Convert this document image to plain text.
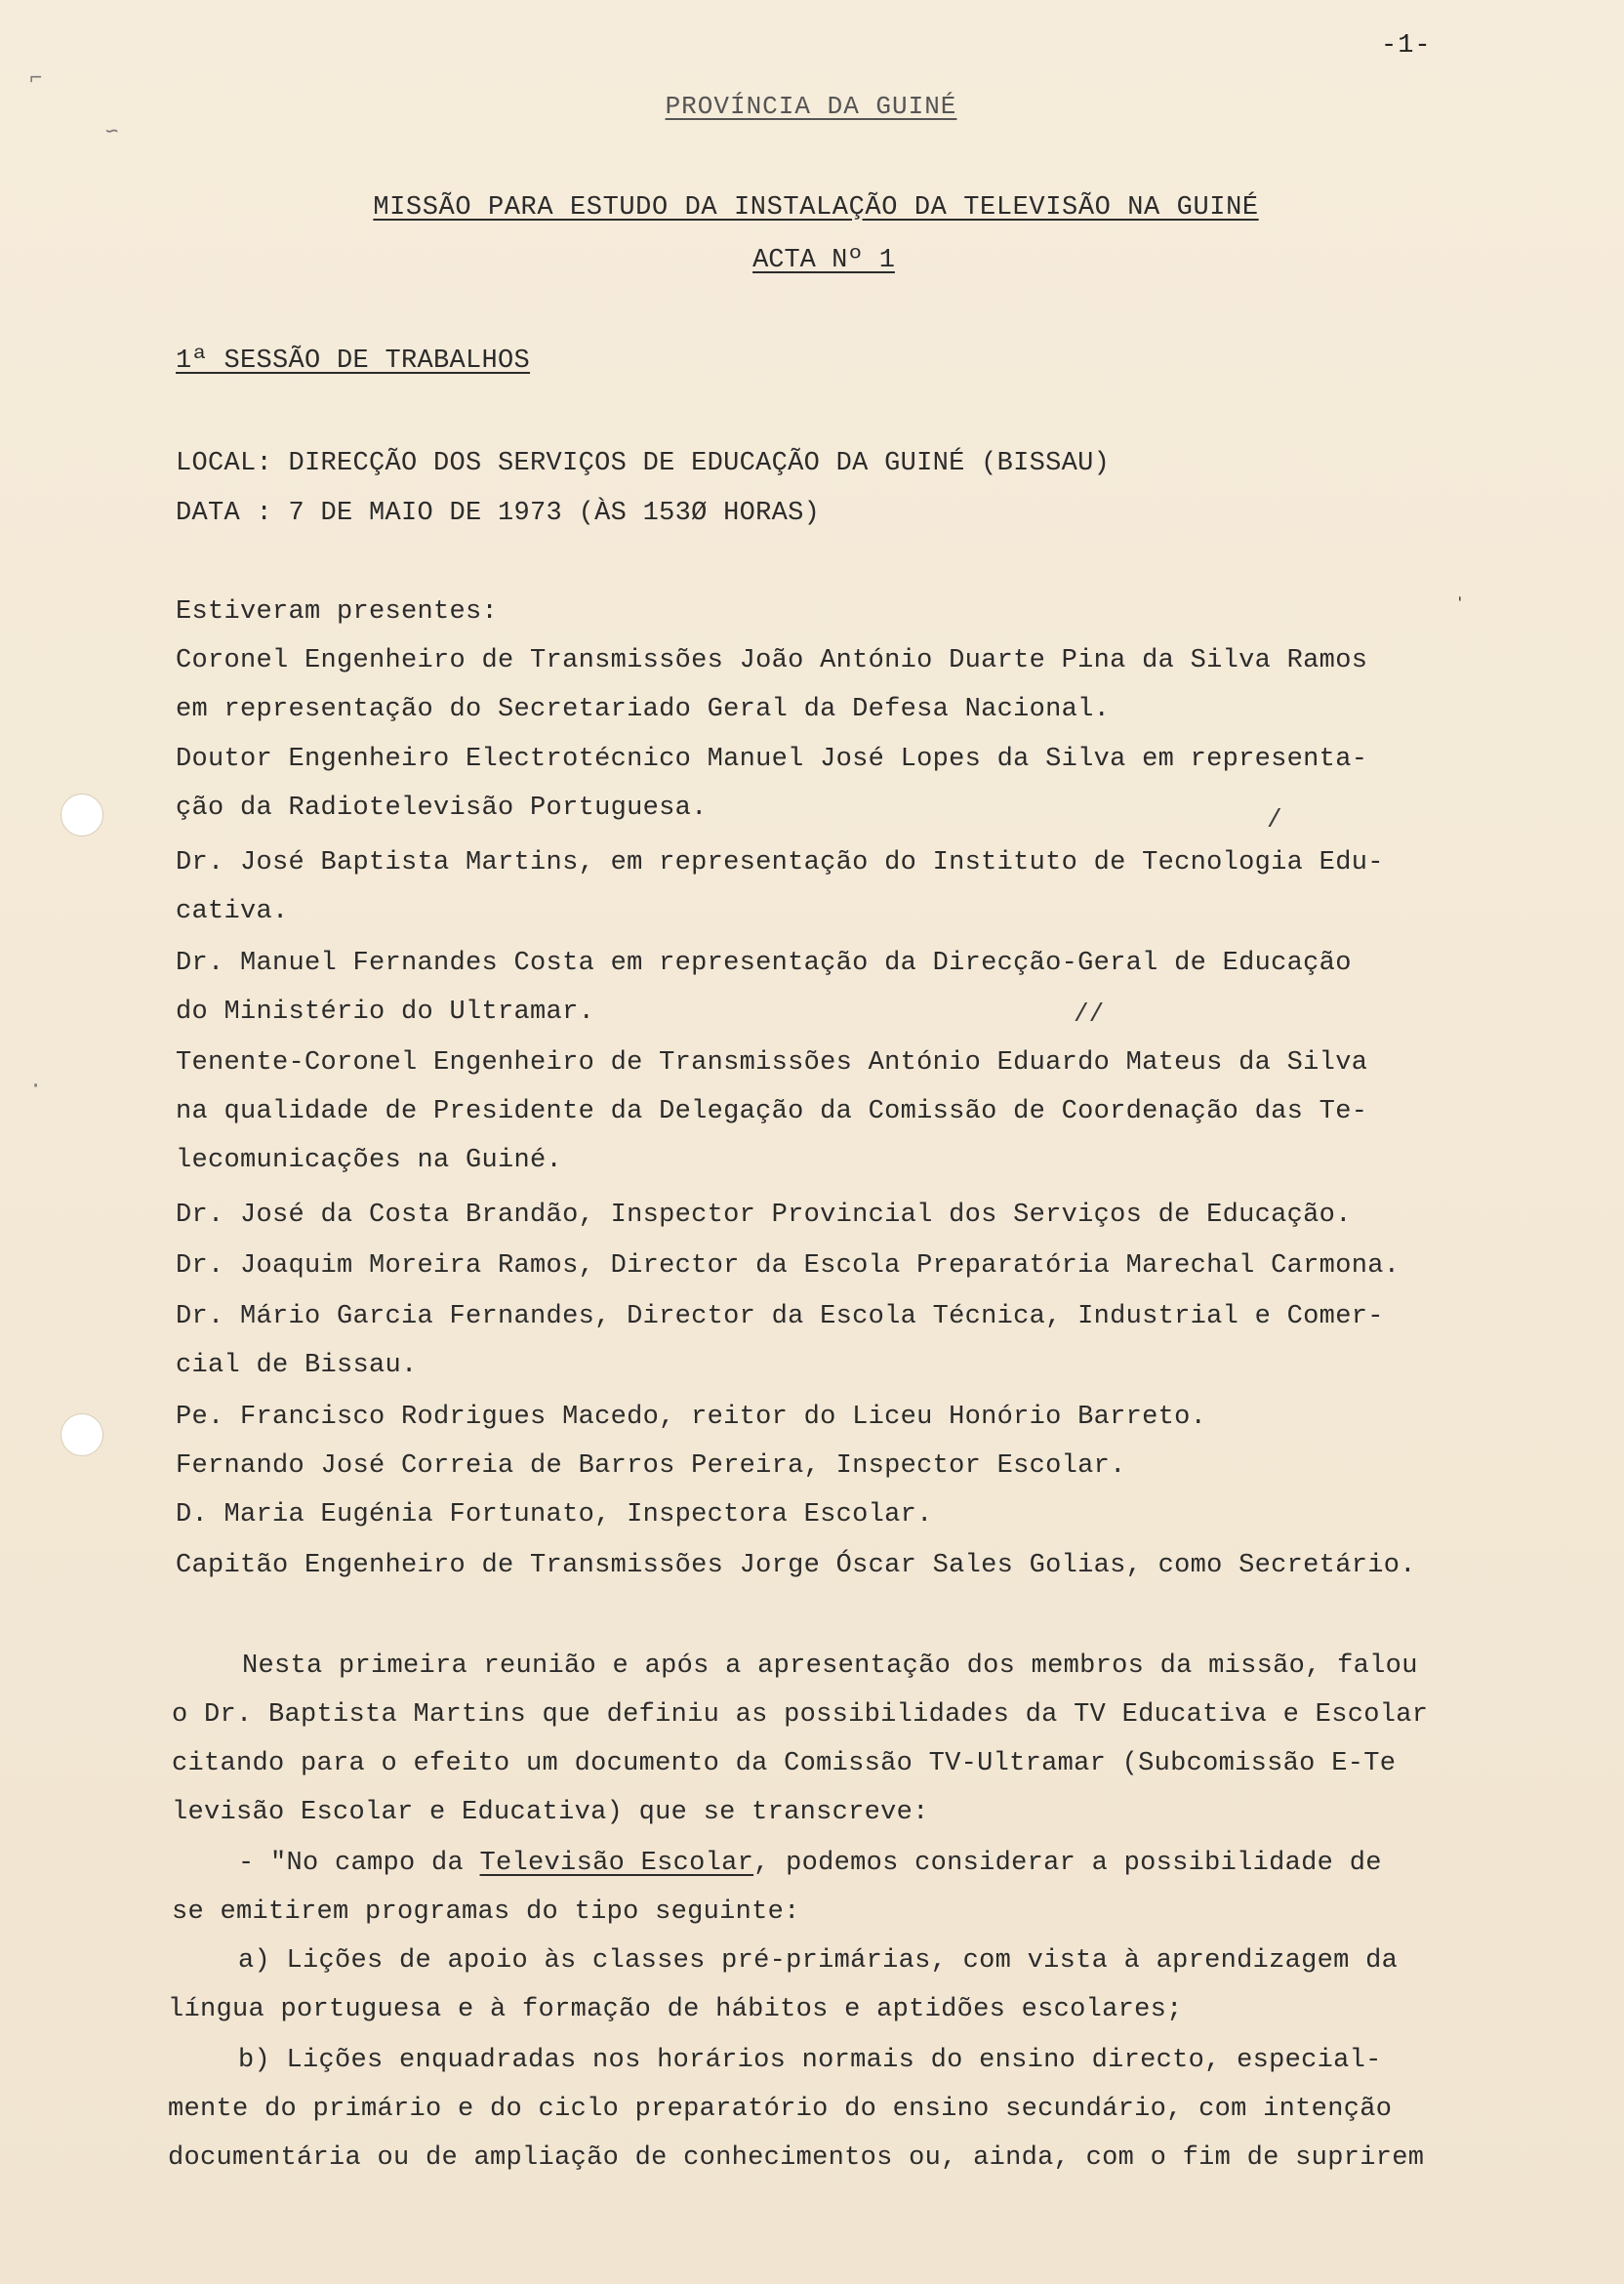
⌐
∽
·
-1-
PROVÍNCIA DA GUINÉ
MISSÃO PARA ESTUDO DA INSTALAÇÃO DA TELEVISÃO NA GUINÉ
ACTA Nº 1
1ª SESSÃO DE TRABALHOS
LOCAL: DIRECÇÃO DOS SERVIÇOS DE EDUCAÇÃO DA GUINÉ (BISSAU)
DATA : 7 DE MAIO DE 1973 (ÀS 153Ø HORAS)
Estiveram presentes:	ˈ
Coronel Engenheiro de Transmissões João António Duarte Pina da Silva Ramos
em representação do Secretariado Geral da Defesa Nacional.
Doutor Engenheiro Electrotécnico Manuel José Lopes da Silva em representa-
ção da Radiotelevisão Portuguesa.	/
Dr. José Baptista Martins, em representação do Instituto de Tecnologia Edu-
cativa.
Dr. Manuel Fernandes Costa em representação da Direcção-Geral de Educação
do Ministério do Ultramar.	//
Tenente-Coronel Engenheiro de Transmissões António Eduardo Mateus da Silva
na qualidade de Presidente da Delegação da Comissão de Coordenação das Te-
lecomunicações na Guiné.
Dr. José da Costa Brandão, Inspector Provincial dos Serviços de Educação.
Dr. Joaquim Moreira Ramos, Director da Escola Preparatória Marechal Carmona.
Dr. Mário Garcia Fernandes, Director da Escola Técnica, Industrial e Comer-
cial de Bissau.
Pe. Francisco Rodrigues Macedo, reitor do Liceu Honório Barreto.
Fernando José Correia de Barros Pereira, Inspector Escolar.
D. Maria Eugénia Fortunato, Inspectora Escolar.
Capitão Engenheiro de Transmissões Jorge Óscar Sales Golias, como Secretário.
Nesta primeira reunião e após a apresentação dos membros da missão, falou
o Dr. Baptista Martins que definiu as possibilidades da TV Educativa e Escolar
citando para o efeito um documento da Comissão TV-Ultramar (Subcomissão E-Te
levisão Escolar e Educativa) que se transcreve:
- "No campo da Televisão Escolar, podemos considerar a possibilidade de
se emitirem programas do tipo seguinte:
a) Lições de apoio às classes pré-primárias, com vista à aprendizagem da
língua portuguesa e à formação de hábitos e aptidões escolares;
b) Lições enquadradas nos horários normais do ensino directo, especial-
mente do primário e do ciclo preparatório do ensino secundário, com intenção
documentária ou de ampliação de conhecimentos ou, ainda, com o fim de suprirem
